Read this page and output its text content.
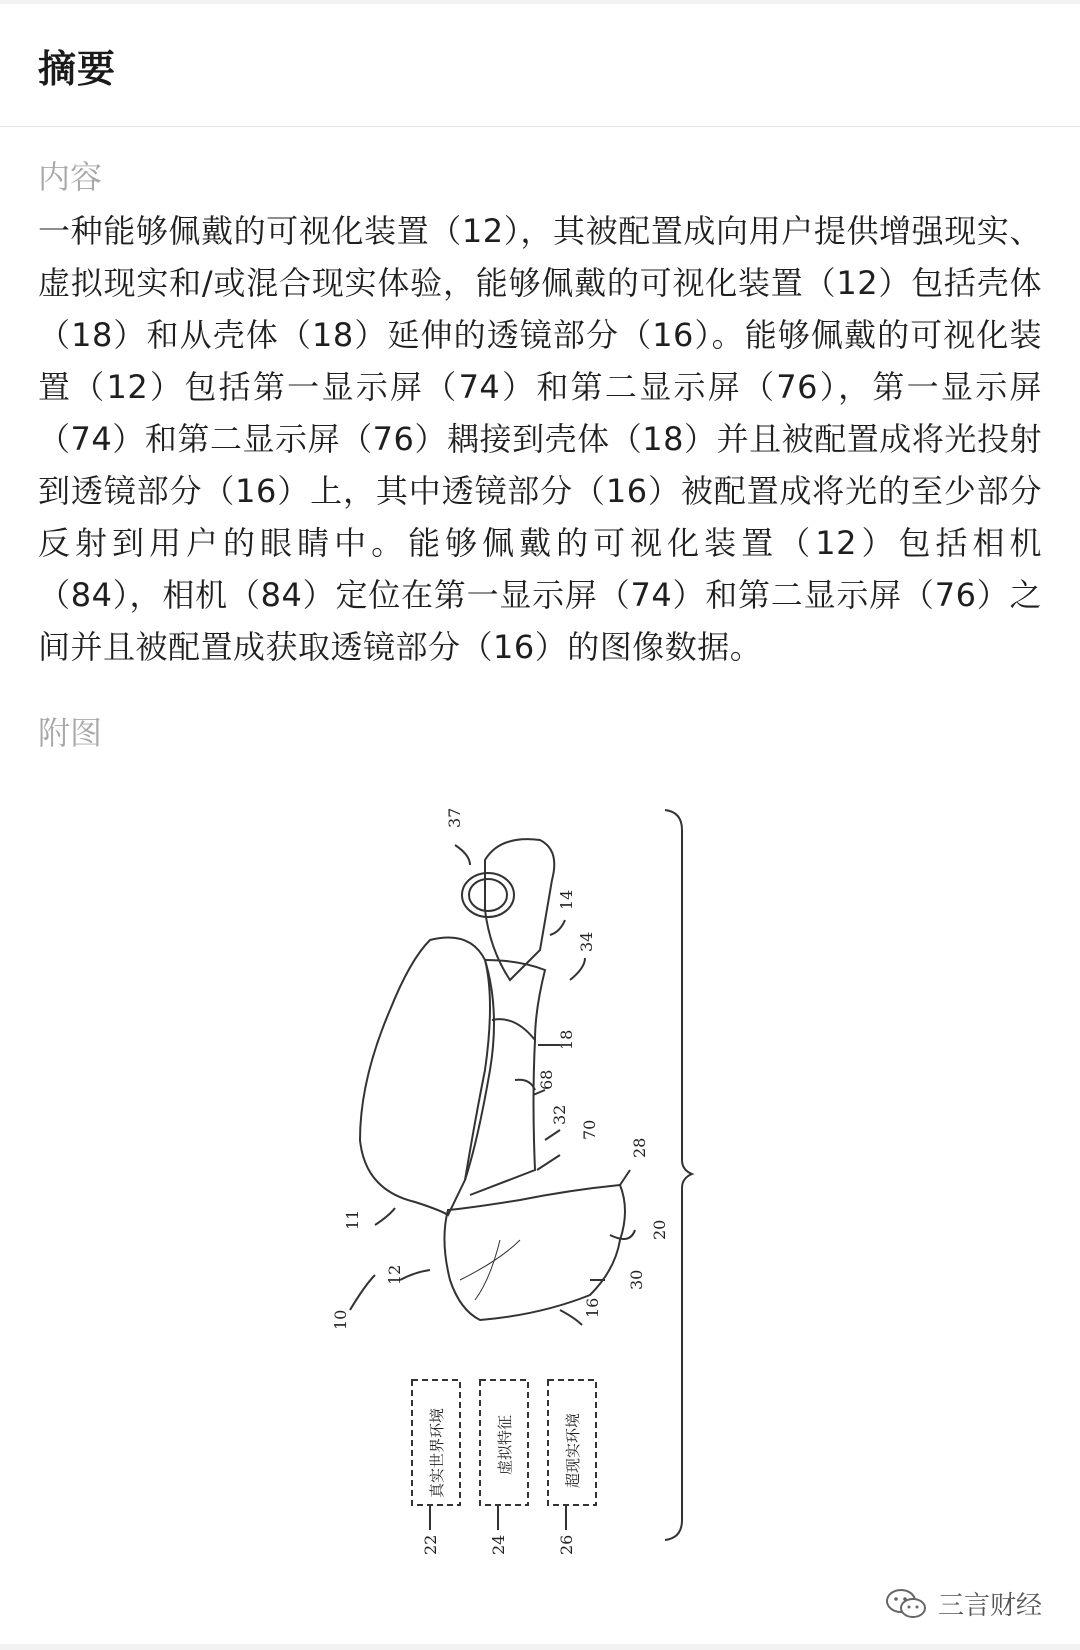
摘要
内容
一种能够佩戴的可视化装置（12），其被配置成向用户提供增强现实、虚拟现实和/或混合现实体验，能够佩戴的可视化装置（12）包括壳体（18）和从壳体（18）延伸的透镜部分（16）。能够佩戴的可视化装置（12）包括第一显示屏（74）和第二显示屏（76），第一显示屏（74）和第二显示屏（76）耦接到壳体（18）并且被配置成将光投射到透镜部分（16）上，其中透镜部分（16）被配置成将光的至少部分反射到用户的眼睛中。能够佩戴的可视化装置（12）包括相机（84），相机（84）定位在第一显示屏（74）和第二显示屏（76）之间并且被配置成获取透镜部分（16）的图像数据。
附图
37
14
34
18
68
32
70
28
20
30
16
11
12
10
22	24	26
真实世界环境	虚拟特征	超现实环境
三言财经
